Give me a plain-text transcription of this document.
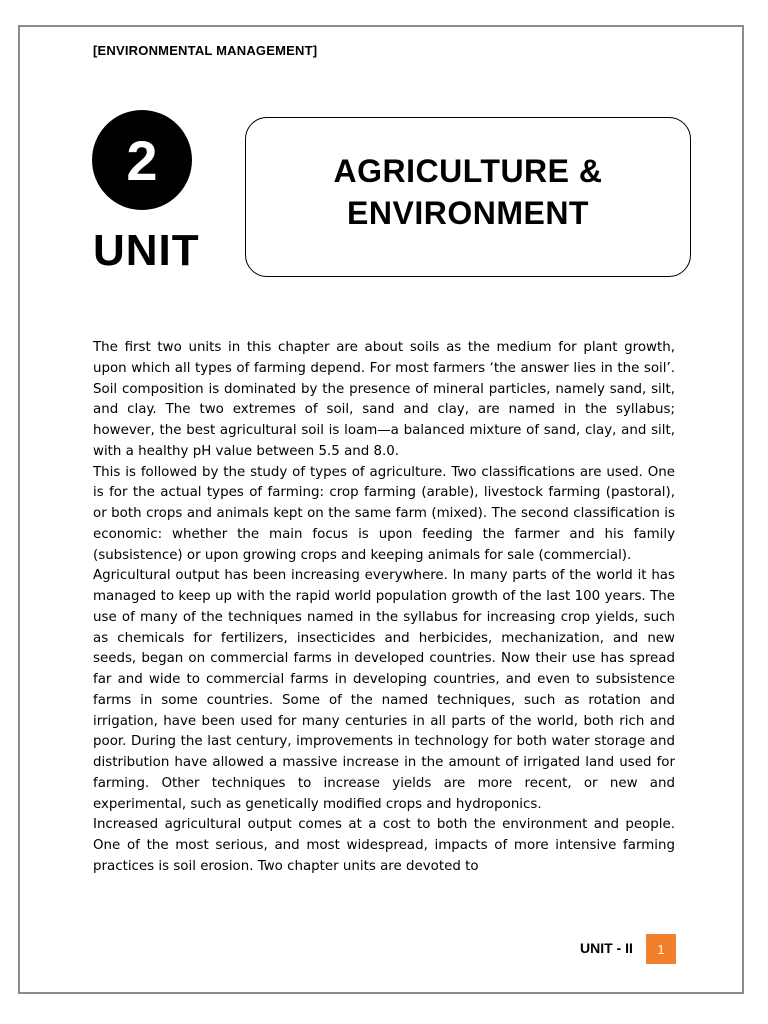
[ENVIRONMENTAL MANAGEMENT]
2
UNIT
AGRICULTURE &
ENVIRONMENT

The first two units in this chapter are about soils as the medium for plant growth, upon which all types of farming depend. For most farmers ‘the answer lies in the soil’. Soil composition is dominated by the presence of mineral particles, namely sand, silt, and clay. The two extremes of soil, sand and clay, are named in the syllabus; however, the best agricultural soil is loam—a balanced mixture of sand, clay, and silt, with a healthy pH value between 5.5 and 8.0.

This is followed by the study of types of agriculture. Two classifications are used. One is for the actual types of farming: crop farming (arable), livestock farming (pastoral), or both crops and animals kept on the same farm (mixed). The second classification is economic: whether the main focus is upon feeding the farmer and his family (subsistence) or upon growing crops and keeping animals for sale (commercial).

Agricultural output has been increasing everywhere. In many parts of the world it has managed to keep up with the rapid world population growth of the last 100 years. The use of many of the techniques named in the syllabus for increasing crop yields, such as chemicals for fertilizers, insecticides and herbicides, mechanization, and new seeds, began on commercial farms in developed countries. Now their use has spread far and wide to commercial farms in developing countries, and even to subsistence farms in some countries. Some of the named techniques, such as rotation and irrigation, have been used for many centuries in all parts of the world, both rich and poor. During the last century, improvements in technology for both water storage and distribution have allowed a massive increase in the amount of irrigated land used for farming. Other techniques to increase yields are more recent, or new and experimental, such as genetically modified crops and hydroponics.

Increased agricultural output comes at a cost to both the environment and people. One of the most serious, and most widespread, impacts of more intensive farming practices is soil erosion. Two chapter units are devoted to

UNIT - II 1
